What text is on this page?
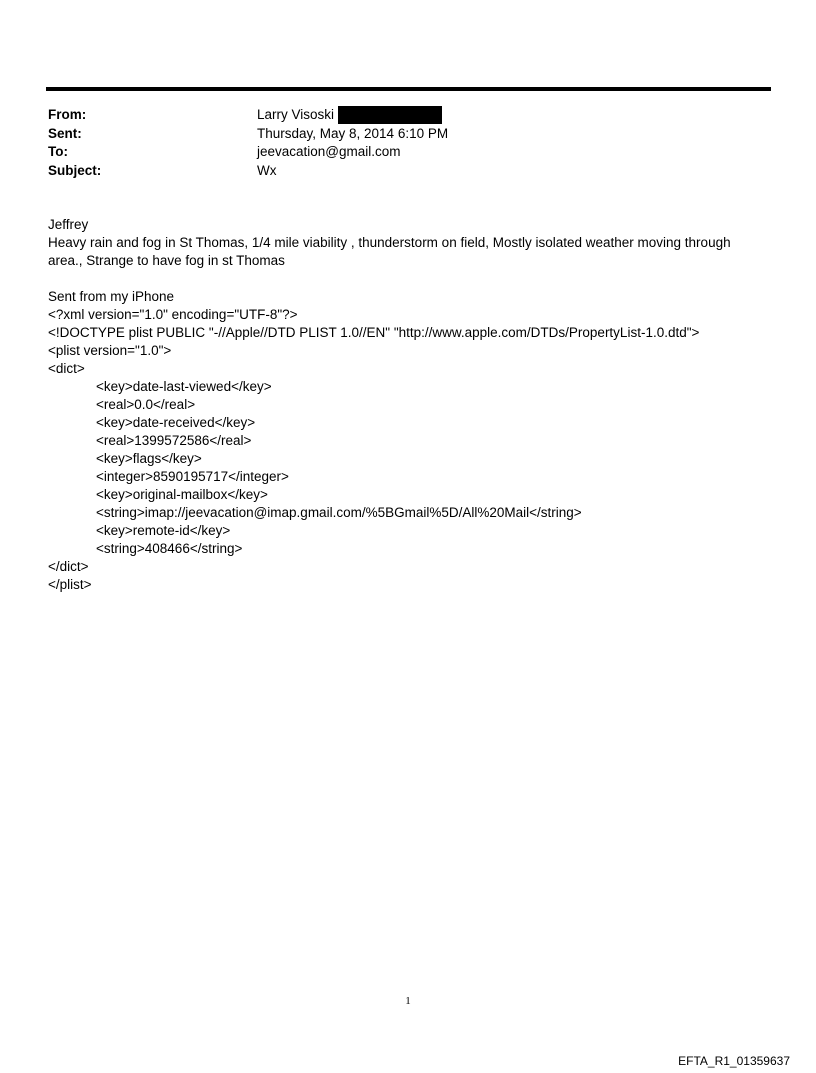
From:	Larry Visoski
Sent:	Thursday, May 8, 2014 6:10 PM
To:	jeevacation@gmail.com
Subject:	Wx

Jeffrey

Heavy rain and fog in St Thomas, 1/4 mile viability , thunderstorm on field, Mostly isolated weather moving through area., Strange to have fog in st Thomas

Sent from my iPhone

<?xml version="1.0" encoding="UTF-8"?>

<!DOCTYPE plist PUBLIC "-//Apple//DTD PLIST 1.0//EN" "http://www.apple.com/DTDs/PropertyList-1.0.dtd">

<plist version="1.0">

<dict>

<key>date-last-viewed</key>

<real>0.0</real>

<key>date-received</key>

<real>1399572586</real>

<key>flags</key>

<integer>8590195717</integer>

<key>original-mailbox</key>

<string>imap://jeevacation@imap.gmail.com/%5BGmail%5D/All%20Mail</string>

<key>remote-id</key>

<string>408466</string>

</dict>

</plist>

1
EFTA_R1_01359637
